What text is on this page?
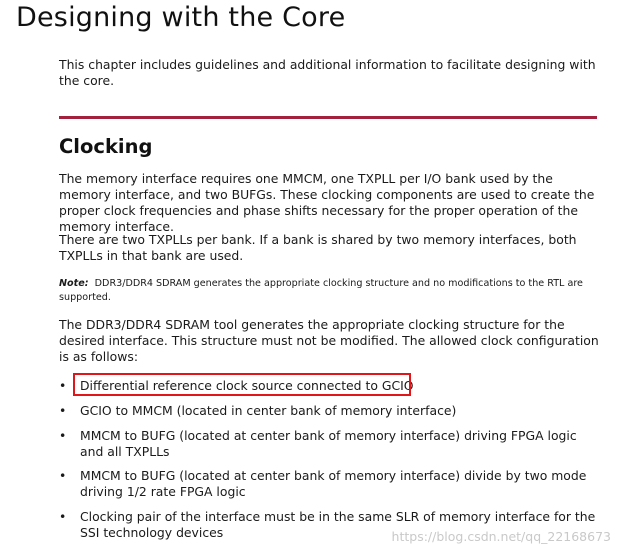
Designing with the Core

This chapter includes guidelines and additional information to facilitate designing with the core.

Clocking

The memory interface requires one MMCM, one TXPLL per I/O bank used by the memory interface, and two BUFGs. These clocking components are used to create the proper clock frequencies and phase shifts necessary for the proper operation of the memory interface.

There are two TXPLLs per bank. If a bank is shared by two memory interfaces, both TXPLLs in that bank are used.

Note: DDR3/DDR4 SDRAM generates the appropriate clocking structure and no modifications to the RTL are supported.

The DDR3/DDR4 SDRAM tool generates the appropriate clocking structure for the desired interface. This structure must not be modified. The allowed clock configuration is as follows:

•	Differential reference clock source connected to GCIO
•	GCIO to MMCM (located in center bank of memory interface)
•	MMCM to BUFG (located at center bank of memory interface) driving FPGA logic and all TXPLLs
•	MMCM to BUFG (located at center bank of memory interface) divide by two mode driving 1/2 rate FPGA logic
•	Clocking pair of the interface must be in the same SLR of memory interface for the SSI technology devices	https://blog.csdn.net/qq_22168673
